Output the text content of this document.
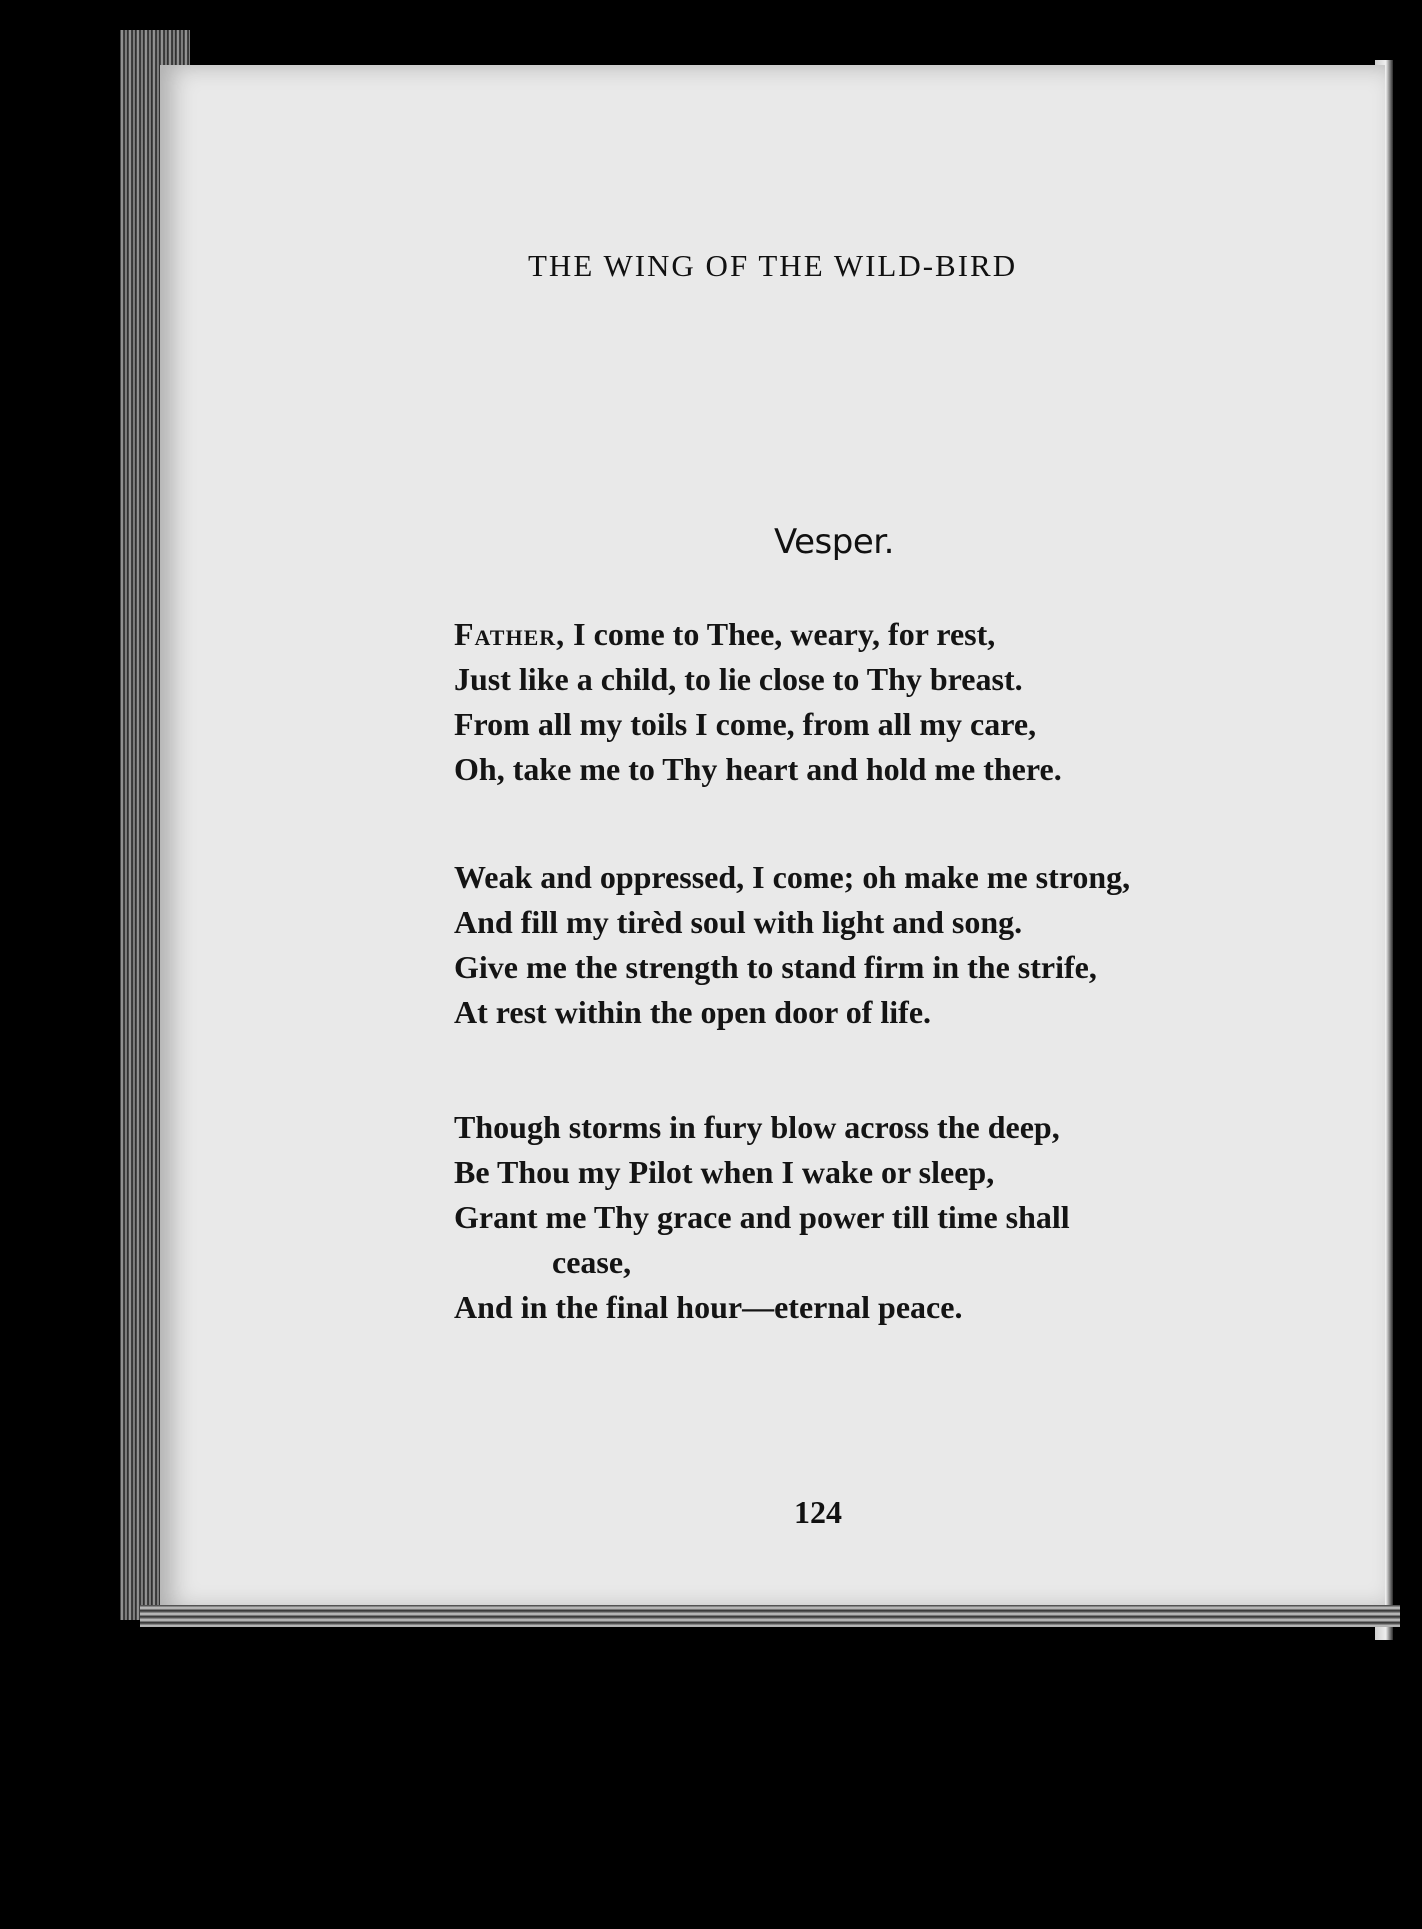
THE WING OF THE WILD-BIRD
Vesper.
Father, I come to Thee, weary, for rest,
Just like a child, to lie close to Thy breast.
From all my toils I come, from all my care,
Oh, take me to Thy heart and hold me there.
Weak and oppressed, I come; oh make me strong,
And fill my tirèd soul with light and song.
Give me the strength to stand firm in the strife,
At rest within the open door of life.
Though storms in fury blow across the deep,
Be Thou my Pilot when I wake or sleep,
Grant me Thy grace and power till time shall
cease,
And in the final hour—eternal peace.
124
